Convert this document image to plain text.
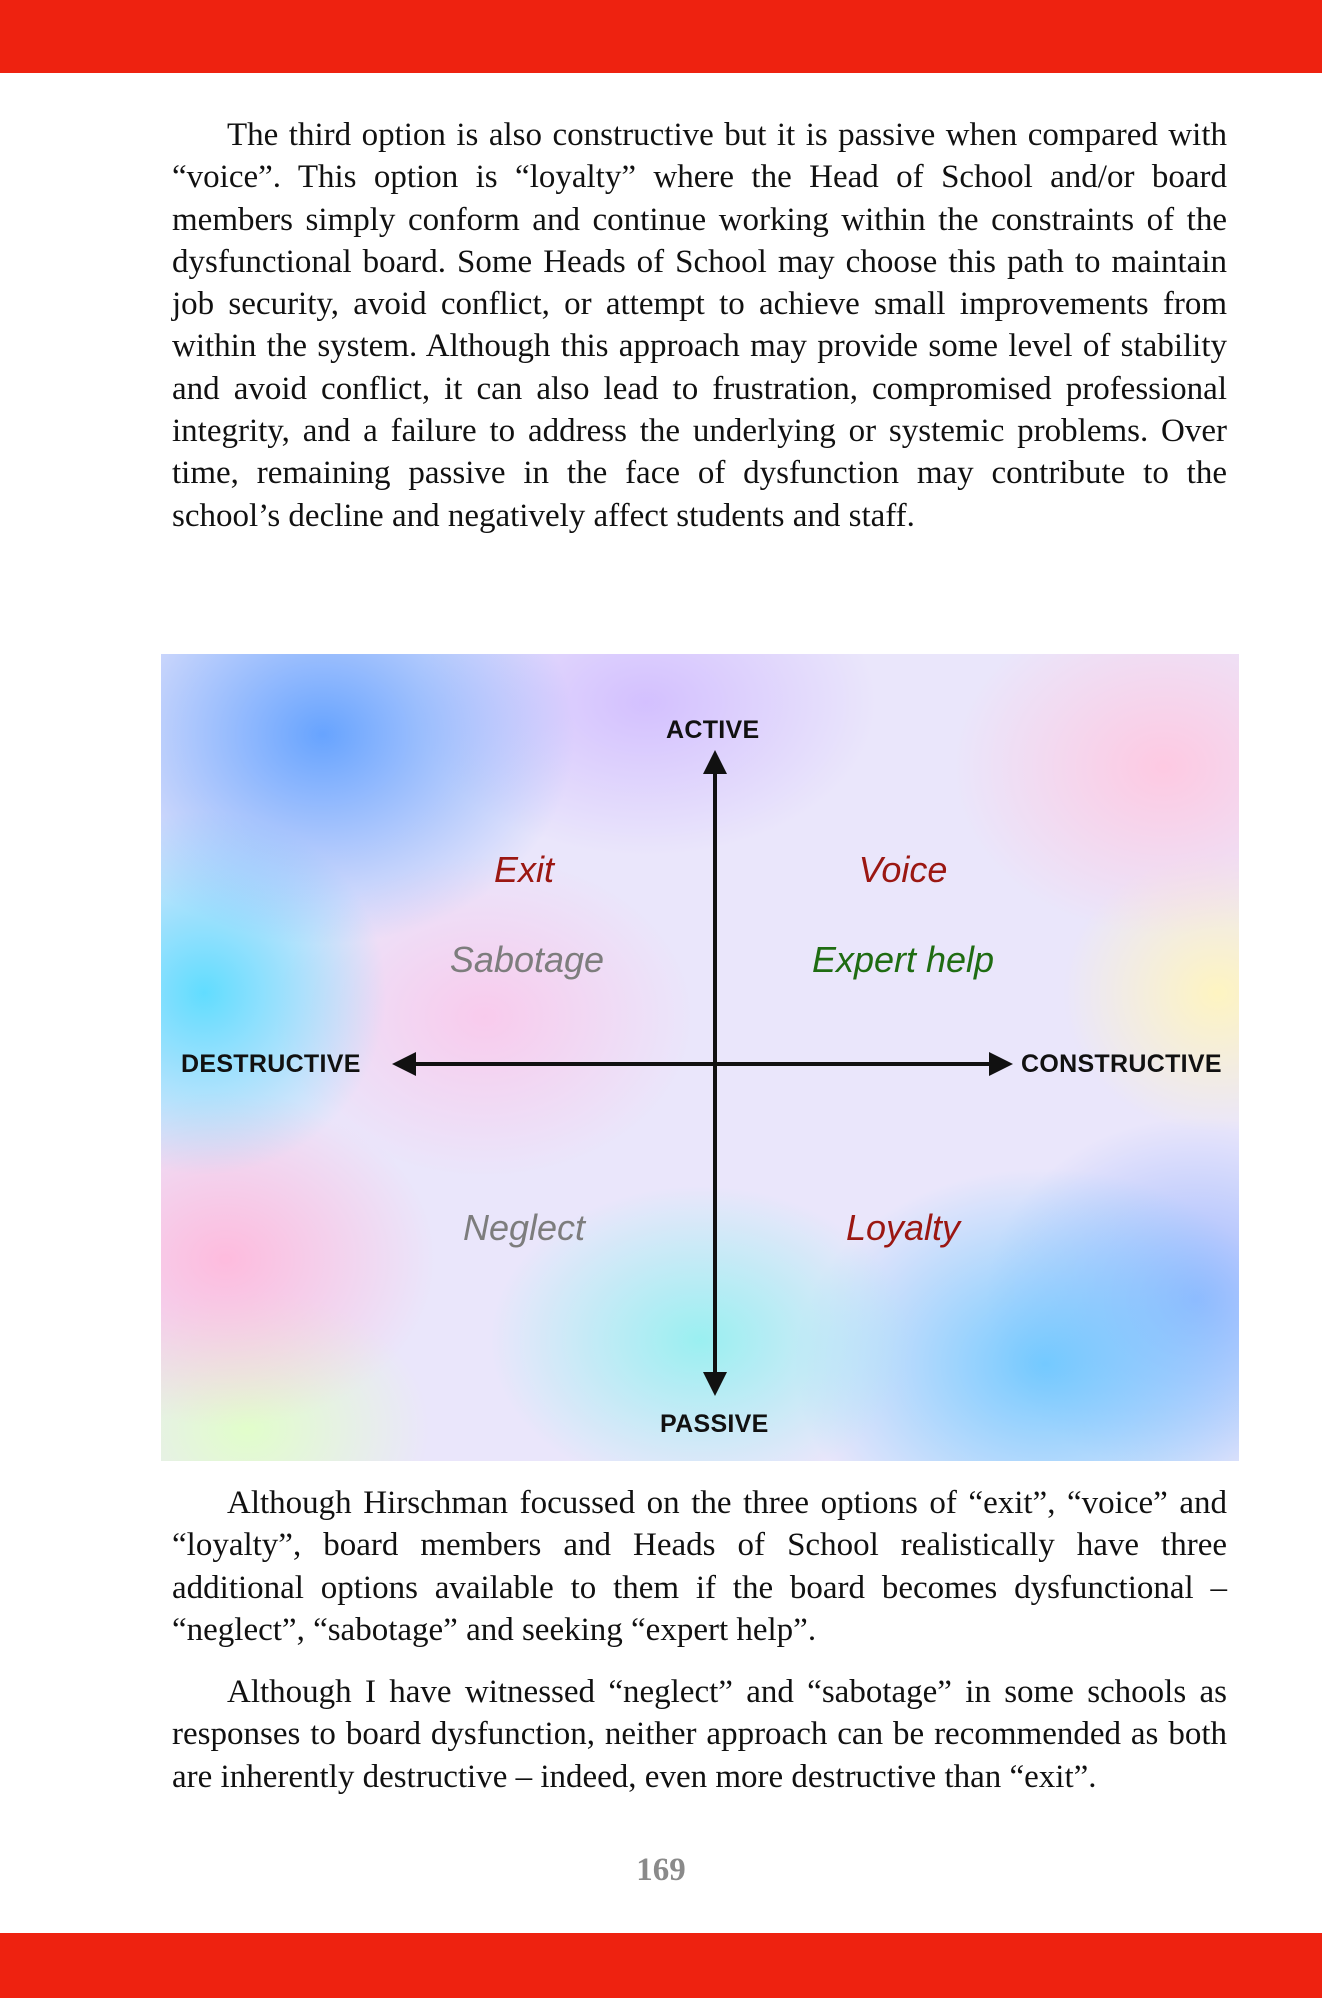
The third option is also constructive but it is passive when compared with “voice”. This option is “loyalty” where the Head of School and/or board members simply conform and continue working within the constraints of the dysfunctional board. Some Heads of School may choose this path to maintain job security, avoid conflict, or attempt to achieve small improvements from within the system. Although this approach may provide some level of stability and avoid conflict, it can also lead to frustration, compromised professional integrity, and a failure to address the underlying or systemic problems. Over time, remaining passive in the face of dysfunction may contribute to the school’s decline and negatively affect students and staff.

ACTIVE
PASSIVE
DESTRUCTIVE	CONSTRUCTIVE
Exit	Voice
Sabotage	Expert help
Neglect	Loyalty

Although Hirschman focussed on the three options of “exit”, “voice” and “loyalty”, board members and Heads of School realistically have three additional options available to them if the board becomes dysfunctional – “neglect”, “sabotage” and seeking “expert help”.

Although I have witnessed “neglect” and “sabotage” in some schools as responses to board dysfunction, neither approach can be recommended as both are inherently destructive – indeed, even more destructive than “exit”.

169
